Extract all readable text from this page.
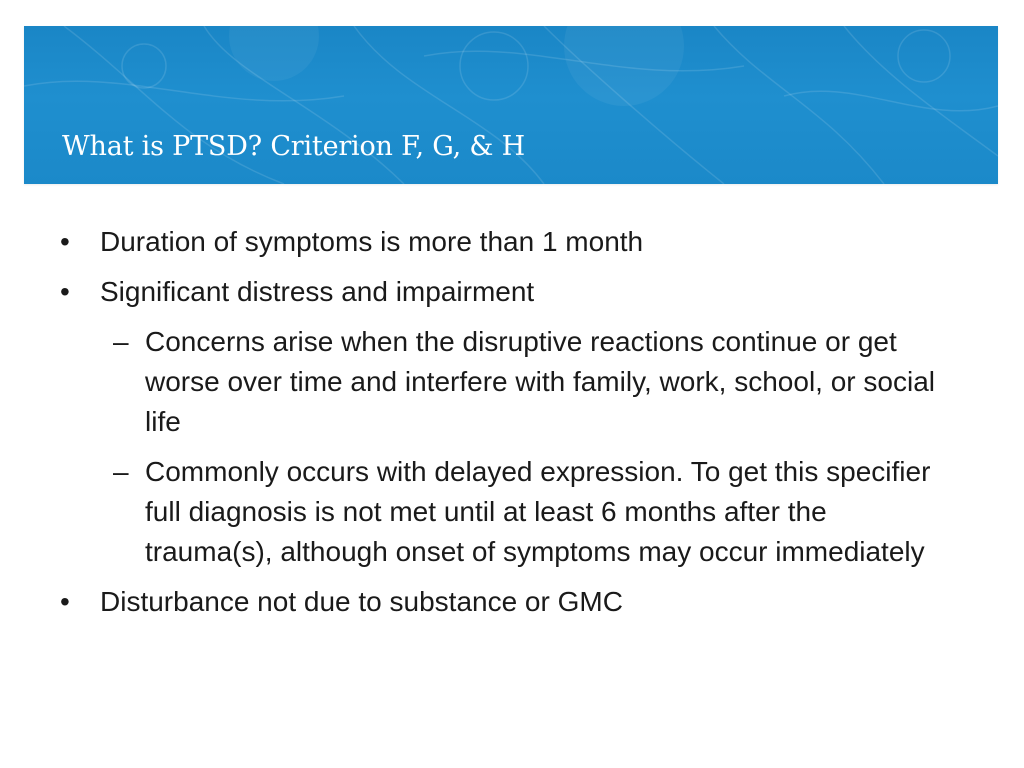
What is PTSD? Criterion F, G, & H
• Duration of symptoms is more than 1 month
• Significant distress and impairment
– Concerns arise when the disruptive reactions continue or get worse over time and interfere with family, work, school, or social life
– Commonly occurs with delayed expression. To get this specifier full diagnosis is not met until at least 6 months after the trauma(s), although onset of symptoms may occur immediately
• Disturbance not due to substance or GMC
